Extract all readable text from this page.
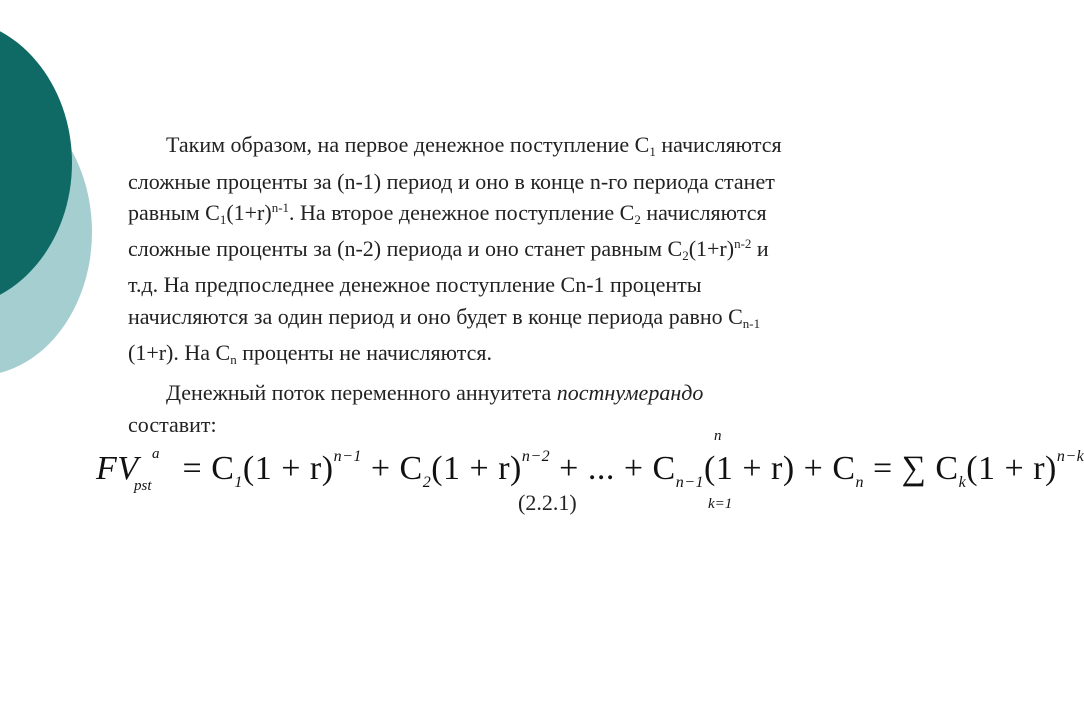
Таким образом, на первое денежное поступление $C_1$ начисляются
сложные проценты за (n-1) период и оно в конце n-го периода станет
равным $C_1(1+r)^{n-1}$. На второе денежное поступление $C_2$ начисляются
сложные проценты за (n-2) периода и оно станет равным $C_2(1+r)^{n-2}$ и
т.д. На предпоследнее денежное поступление Cn-1 проценты
начисляются за один период и оно будет в конце периода равно $C_{n-1}$
(1+r). На $C_n$ проценты не начисляются.
Денежный поток переменного аннуитета постнумерандо
составит:	n
FV = $C_1(1 + r)^{n-1} + C_2(1 + r)^{n-2}$ + ... + $C_{n-1}(1 + r) + C_n$ = ∑ $C_k(1 + r)^{n-k}$
a
pst
k=1
(2.2.1)
